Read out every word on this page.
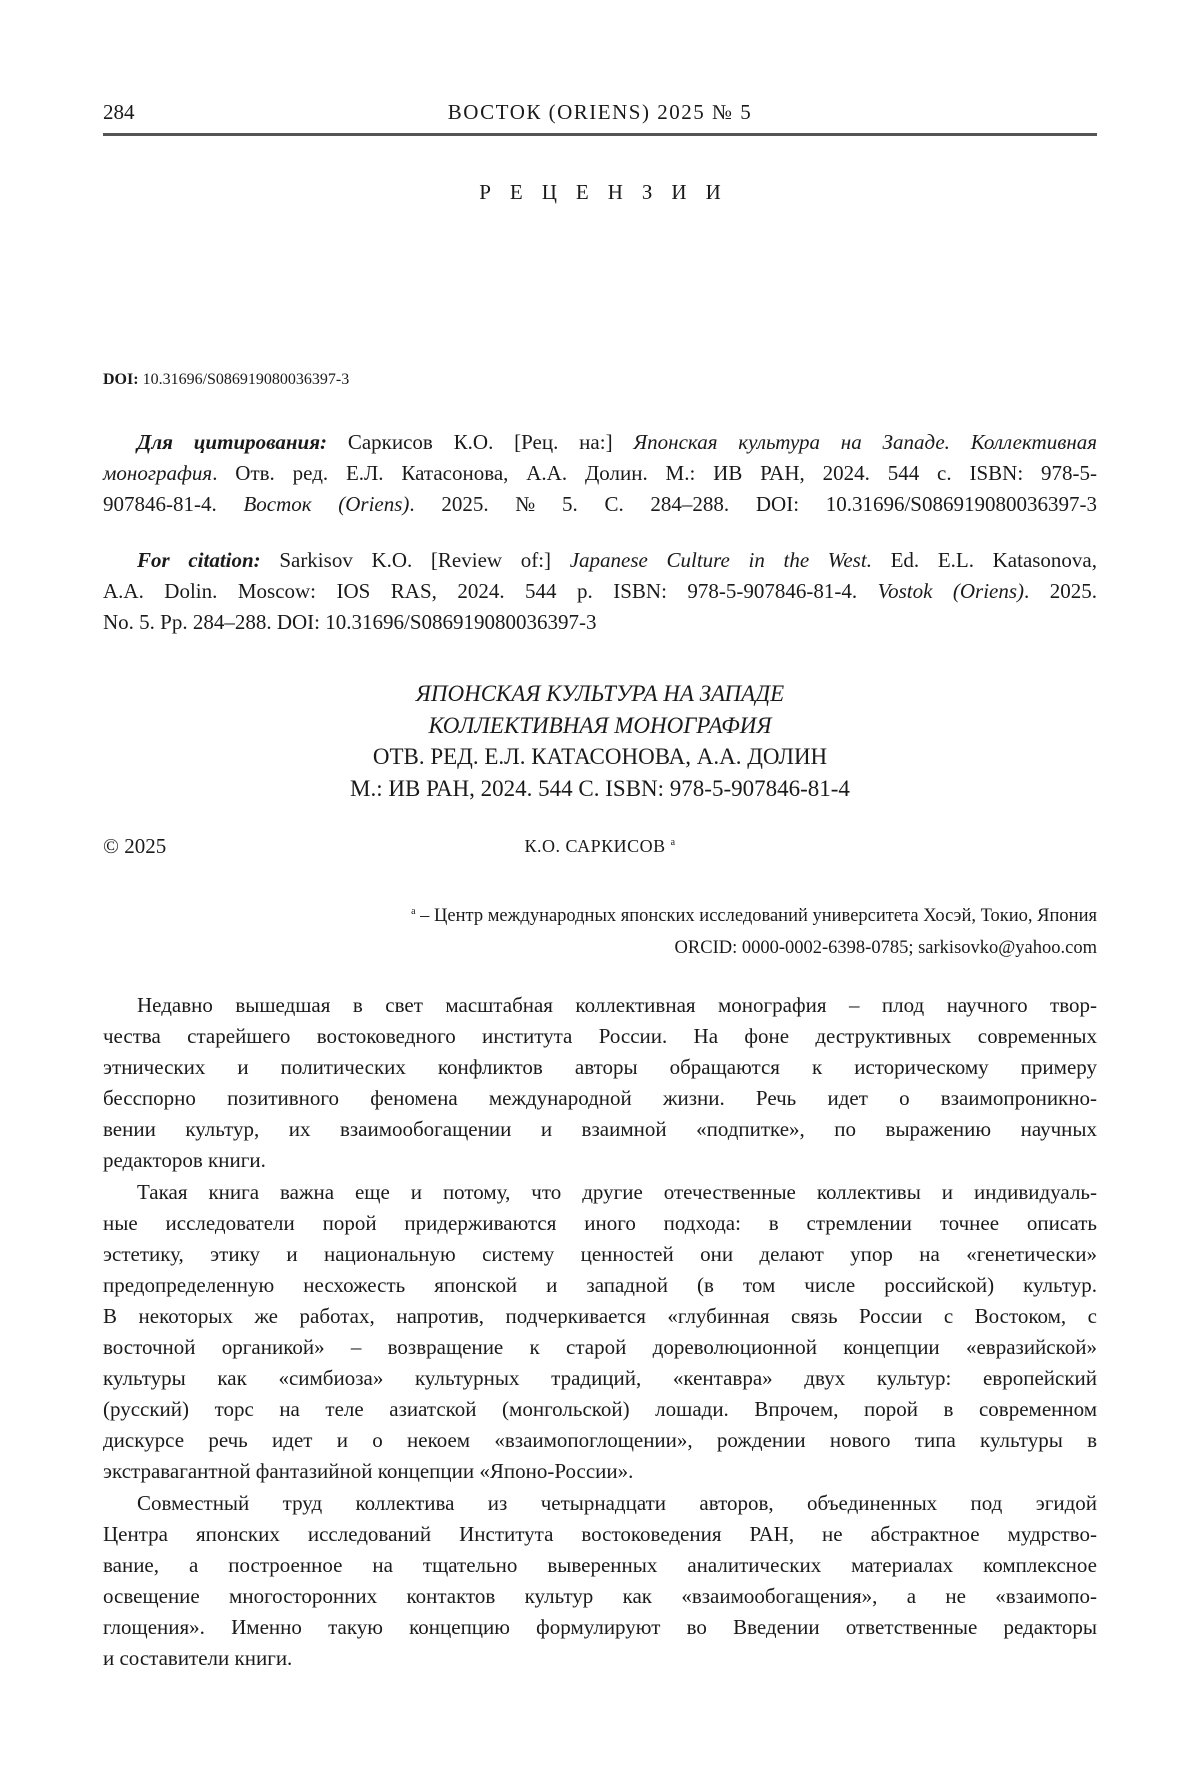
284	ВОСТОК (ORIENS) 2025 № 5
РЕЦЕНЗИИ
DOI: 10.31696/S086919080036397-3
Для цитирования: Саркисов К.О. [Рец. на:] Японская культура на Западе. Коллективная
монография. Отв. ред. Е.Л. Катасонова, А.А. Долин. М.: ИВ РАН, 2024. 544 с. ISBN: 978-5-
907846-81-4. Восток (Oriens). 2025. № 5. С. 284–288. DOI: 10.31696/S086919080036397-3
For citation: Sarkisov K.O. [Review of:] Japanese Culture in the West. Ed. E.L. Katasonova,
A.A. Dolin. Moscow: IOS RAS, 2024. 544 p. ISBN: 978-5-907846-81-4. Vostok (Oriens). 2025.
No. 5. Pp. 284–288. DOI: 10.31696/S086919080036397-3
ЯПОНСКАЯ КУЛЬТУРА НА ЗАПАДЕ
КОЛЛЕКТИВНАЯ МОНОГРАФИЯ
ОТВ. РЕД. Е.Л. КАТАСОНОВА, А.А. ДОЛИН
М.: ИВ РАН, 2024. 544 С. ISBN: 978-5-907846-81-4
© 2025	К.О. САРКИСОВ a
a – Центр международных японских исследований университета Хосэй, Токио, Япония
ORCID: 0000-0002-6398-0785; sarkisovko@yahoo.com
Недавно вышедшая в свет масштабная коллективная монография – плод научного твор-
чества старейшего востоковедного института России. На фоне деструктивных современных
этнических и политических конфликтов авторы обращаются к историческому примеру
бесспорно позитивного феномена международной жизни. Речь идет о взаимопроникно-
вении культур, их взаимообогащении и взаимной «подпитке», по выражению научных
редакторов книги.
Такая книга важна еще и потому, что другие отечественные коллективы и индивидуаль-
ные исследователи порой придерживаются иного подхода: в стремлении точнее описать
эстетику, этику и национальную систему ценностей они делают упор на «генетически»
предопределенную несхожесть японской и западной (в том числе российской) культур.
В некоторых же работах, напротив, подчеркивается «глубинная связь России с Востоком, с
восточной органикой» – возвращение к старой дореволюционной концепции «евразийской»
культуры как «симбиоза» культурных традиций, «кентавра» двух культур: европейский
(русский) торс на теле азиатской (монгольской) лошади. Впрочем, порой в современном
дискурсе речь идет и о некоем «взаимопоглощении», рождении нового типа культуры в
экстравагантной фантазийной концепции «Японо-России».
Совместный труд коллектива из четырнадцати авторов, объединенных под эгидой
Центра японских исследований Института востоковедения РАН, не абстрактное мудрство-
вание, а построенное на тщательно выверенных аналитических материалах комплексное
освещение многосторонних контактов культур как «взаимообогащения», а не «взаимопо-
глощения». Именно такую концепцию формулируют во Введении ответственные редакторы
и составители книги.
